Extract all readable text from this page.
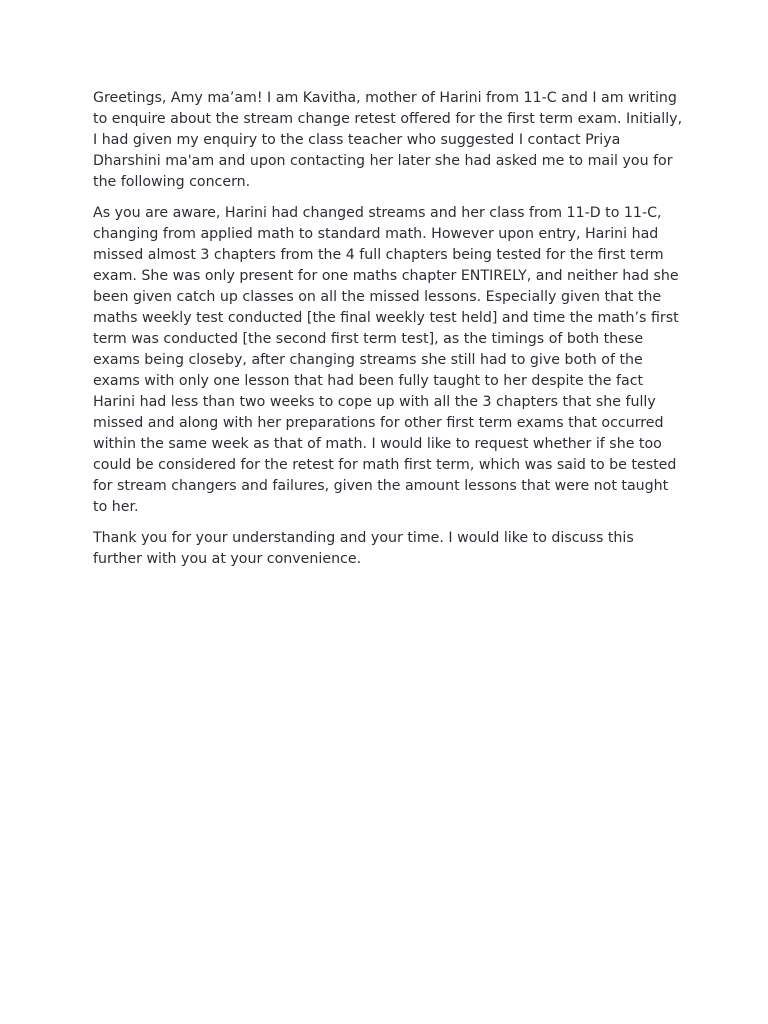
Greetings, Amy ma’am! I am Kavitha, mother of Harini from 11-C and I am writing to enquire about the stream change retest offered for the first term exam. Initially, I had given my enquiry to the class teacher who suggested I contact Priya Dharshini ma'am and upon contacting her later she had asked me to mail you for the following concern.

As you are aware, Harini had changed streams and her class from 11-D to 11-C, changing from applied math to standard math. However upon entry, Harini had missed almost 3 chapters from the 4 full chapters being tested for the first term exam. She was only present for one maths chapter ENTIRELY, and neither had she been given catch up classes on all the missed lessons. Especially given that the maths weekly test conducted [the final weekly test held] and time the math’s first term was conducted [the second first term test], as the timings of both these exams being closeby, after changing streams she still had to give both of the exams with only one lesson that had been fully taught to her despite the fact Harini had less than two weeks to cope up with all the 3 chapters that she fully missed and along with her preparations for other first term exams that occurred within the same week as that of math. I would like to request whether if she too could be considered for the retest for math first term, which was said to be tested for stream changers and failures, given the amount lessons that were not taught to her.

Thank you for your understanding and your time. I would like to discuss this further with you at your convenience.
